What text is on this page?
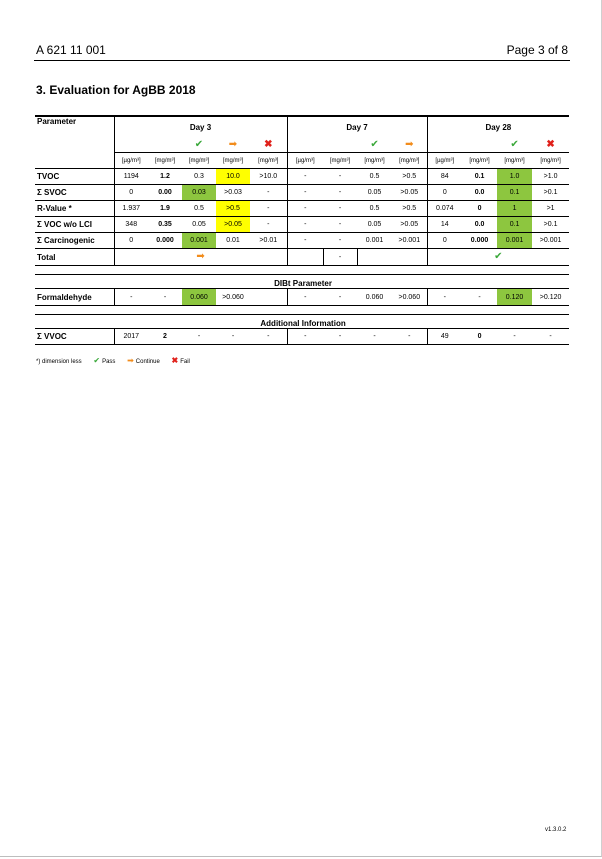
A 621 11 001	Page 3 of 8
3. Evaluation for AgBB 2018
Parameter	Day 3					Day 7				Day 28			
			✔	➡	✖			✔	➡			✔	✖
	[µg/m³]	[mg/m³]	[mg/m³]	[mg/m³]	[mg/m³]	[µg/m³]	[mg/m³]	[mg/m³]	[mg/m³]	[µg/m³]	[mg/m³]	[mg/m³]	[mg/m³]
TVOC	1194	1.2	0.3	10.0	>10.0	-	-	0.5	>0.5	84	0.1	1.0	>1.0
Σ SVOC	0	0.00	0.03	>0.03	-	-	-	0.05	>0.05	0	0.0	0.1	>0.1
R-Value *	1.937	1.9	0.5	>0.5	-	-	-	0.5	>0.5	0.074	0	1	>1
Σ VOC w/o LCI	348	0.35	0.05	>0.05	-	-	-	0.05	>0.05	14	0.0	0.1	>0.1
Σ Carcinogenic	0	0.000	0.001	0.01	>0.01	-	-	0.001	>0.001	0	0.000	0.001	>0.001
Total	➡						-			✔			

DIBt Parameter													
Formaldehyde	-	-	0.060	>0.060		-	-	0.060	>0.060	-	-	0.120	>0.120

Additional Information													
Σ VVOC	2017	2	-	-	-	-	-	-	-	49	0	-	-
*) dimension less ✔ Pass ➡ Continue ✖ Fail
v1.3.0.2
